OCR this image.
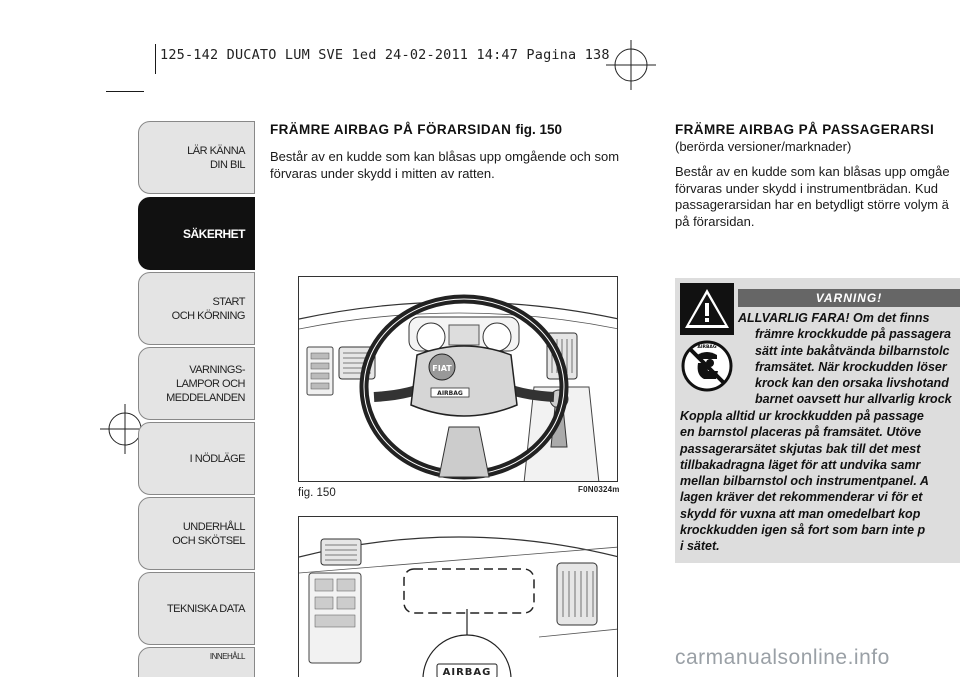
125-142 DUCATO LUM SVE 1ed 24-02-2011 14:47 Pagina 138
LÄR KÄNNA
DIN BIL
SÄKERHET
START
OCH KÖRNING
VARNINGS-
LAMPOR OCH
MEDDELANDEN
I NÖDLÄGE
UNDERHÅLL
OCH SKÖTSEL
TEKNISKA DATA
INNEHÅLL
FRÄMRE AIRBAG PÅ FÖRARSIDAN fig. 150
Består av en kudde som kan blåsas upp omgående och som
förvaras under skydd i mitten av ratten.
FIAT
AIRBAG
fig. 150	F0N0324m
AIRBAG
FRÄMRE AIRBAG PÅ PASSAGERARSI
(berörda versioner/marknader)
Består av en kudde som kan blåsas upp omgåe
förvaras under skydd i instrumentbrädan. Kud
passagerarsidan har en betydligt större volym ä
på förarsidan.
VARNING!
AIRBAG
ALLVARLIG FARA! Om det finns
främre krockkudde på passagera
sätt inte bakåtvända bilbarnstolc
framsätet. När krockudden löser
krock kan den orsaka livshotand
barnet oavsett hur allvarlig krock
Koppla alltid ur krockkudden på passage
en barnstol placeras på framsätet. Utöve
passagerarsätet skjutas bak till det mest
tillbakadragna läget för att undvika samr
mellan bilbarnstol och instrumentpanel. A
lagen kräver det rekommenderar vi för et
skydd för vuxna att man omedelbart kop
krockkudden igen så fort som barn inte p
i sätet.
carmanualsonline.info
